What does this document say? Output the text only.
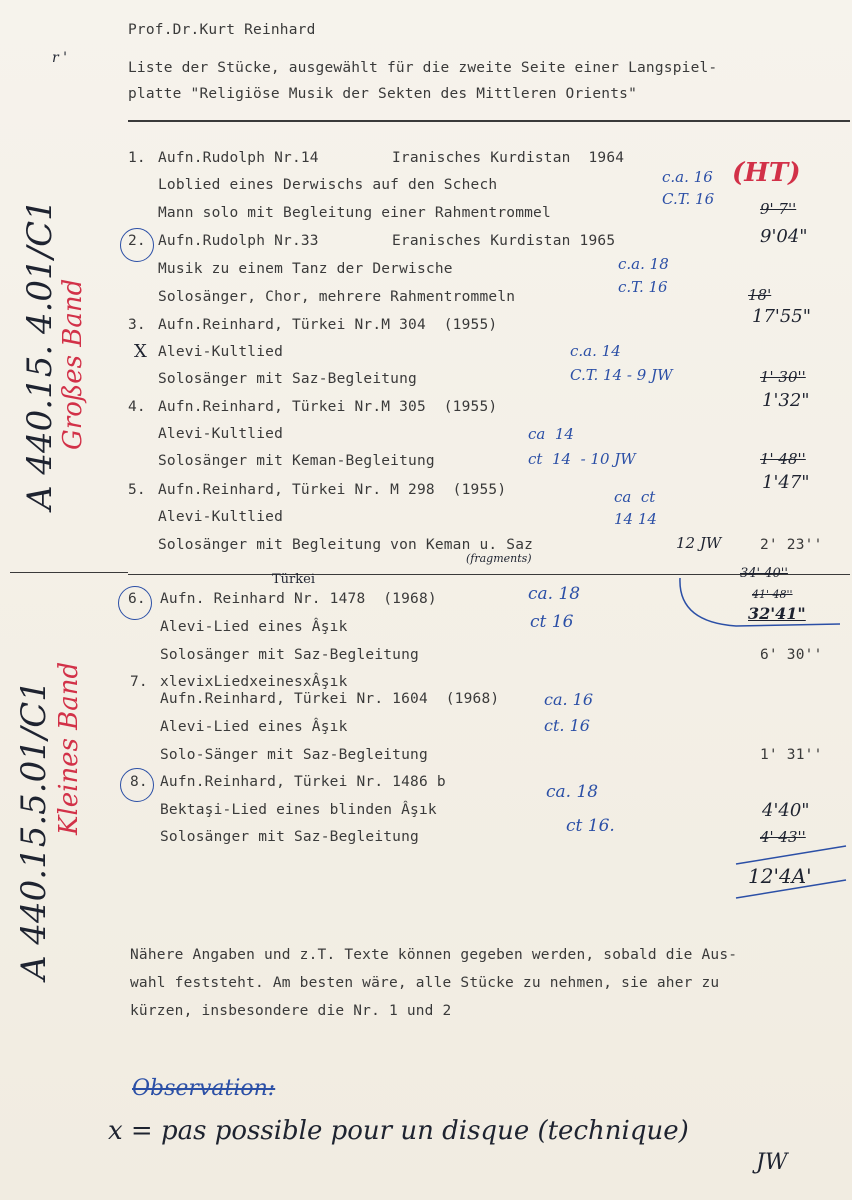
Prof.Dr.Kurt Reinhard
Liste der Stücke, ausgewählt für die zweite Seite einer Langspiel-
platte "Religiöse Musik der Sekten des Mittleren Orients"
r '
A 440.15. 4.01/C1
Großes Band
A 440.15.5.01/C1 Kleines Band
1. Aufn.Rudolph Nr.14	Iranisches Kurdistan  1964
Loblied eines Derwischs auf den Schech
Mann solo mit Begleitung einer Rahmentrommel
c.a. 16
C.T. 16
(HT)
9' 7''
9'04"
2. Aufn.Rudolph Nr.33	Eranisches Kurdistan 1965
Musik zu einem Tanz der Derwische
Solosänger, Chor, mehrere Rahmentrommeln
c.a. 18
c.T. 16	18'
17'55"
3. Aufn.Reinhard, Türkei Nr.M 304  (1955)
X Alevi-Kultlied
Solosänger mit Saz-Begleitung
c.a. 14
C.T. 14 - 9 JW	1' 30''
1'32"
4. Aufn.Reinhard, Türkei Nr.M 305  (1955)
Alevi-Kultlied
Solosänger mit Keman-Begleitung
ca  14
ct  14  - 10 JW	1' 48''
1'47"
5. Aufn.Reinhard, Türkei Nr. M 298  (1955)
Alevi-Kultlied
Solosänger mit Begleitung von Keman u. Saz
(fragments)
ca  ct
14 14
12 JW	2' 23''
Türkei
6. Aufn. Reinhard Nr. 1478  (1968)
Alevi-Lied eines Âşık
Solosänger mit Saz-Begleitung
ca. 18
ct 16
6' 30''
34' 40''
41' 48''
32'41"
7. xlevixLiedxeinesxÂşık
Aufn.Reinhard, Türkei Nr. 1604  (1968)
Alevi-Lied eines Âşık
Solo-Sänger mit Saz-Begleitung
ca. 16
ct. 16
1' 31''
8. Aufn.Reinhard, Türkei Nr. 1486 b
Bektaşi-Lied eines blinden Âşık
Solosänger mit Saz-Begleitung
ca. 18
ct 16.
4'40"
4' 43''
12'4A'
Nähere Angaben und z.T. Texte können gegeben werden, sobald die Aus-
wahl feststeht. Am besten wäre, alle Stücke zu nehmen, sie aher zu
kürzen, insbesondere die Nr. 1 und 2
Observation:
x = pas possible pour un disque (technique)
JW
